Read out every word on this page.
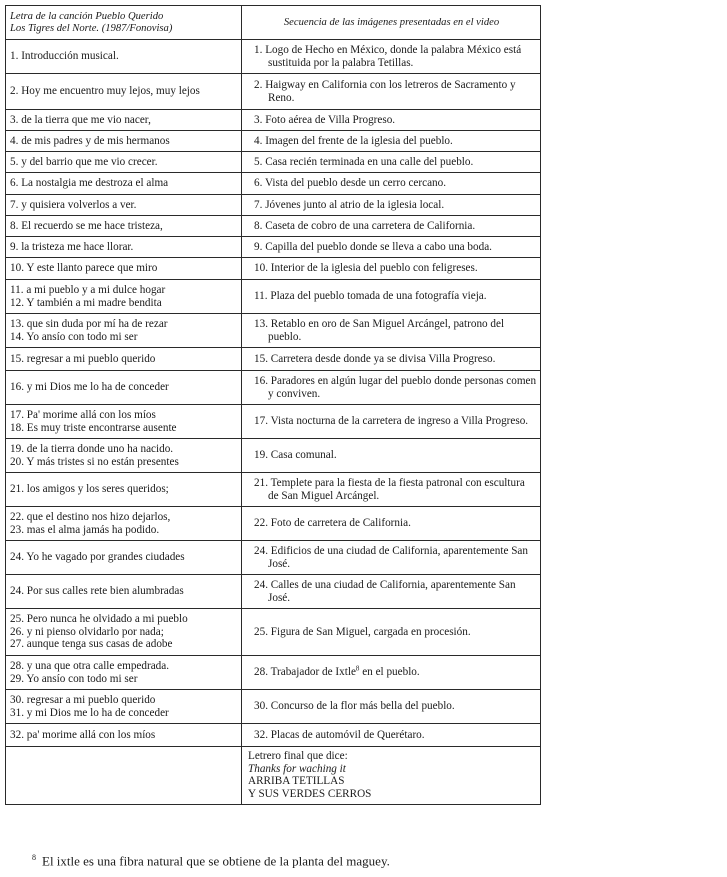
Letra de la canción Pueblo Querido
Los Tigres del Norte. (1987/Fonovisa)	Secuencia de las imágenes presentadas en el video

1. Introducción musical.	1. Logo de Hecho en México, donde la palabra México está sustituida por la palabra Tetillas.

2. Hoy me encuentro muy lejos, muy lejos	2. Haigway en California con los letreros de Sacramento y Reno.

3. de la tierra que me vio nacer,	3. Foto aérea de Villa Progreso.

4. de mis padres y de mis hermanos	4. Imagen del frente de la iglesia del pueblo.

5. y del barrio que me vio crecer.	5. Casa recién terminada en una calle del pueblo.

6. La nostalgia me destroza el alma	6. Vista del pueblo desde un cerro cercano.

7. y quisiera volverlos a ver.	7. Jóvenes junto al atrio de la iglesia local.

8. El recuerdo se me hace tristeza,	8. Caseta de cobro de una carretera de California.

9. la tristeza me hace llorar.	9. Capilla del pueblo donde se lleva a cabo una boda.

10. Y este llanto parece que miro	10. Interior de la iglesia del pueblo con feligreses.

11. a mi pueblo y a mi dulce hogar
12. Y también a mi madre bendita	11. Plaza del pueblo tomada de una fotografía vieja.

13. que sin duda por mí ha de rezar
14. Yo ansío con todo mi ser	13. Retablo en oro de San Miguel Arcángel, patrono del pueblo.

15. regresar a mi pueblo querido	15. Carretera desde donde ya se divisa Villa Progreso.

16. y mi Dios me lo ha de conceder	16. Paradores en algún lugar del pueblo donde personas comen y conviven.

17. Pa' morime allá con los míos
18. Es muy triste encontrarse ausente	17. Vista nocturna de la carretera de ingreso a Villa Progreso.

19. de la tierra donde uno ha nacido.
20. Y más tristes si no están presentes	19. Casa comunal.

21. los amigos y los seres queridos;	21. Templete para la fiesta de la fiesta patronal con escultura de San Miguel Arcángel.

22. que el destino nos hizo dejarlos,
23. mas el alma jamás ha podido.	22. Foto de carretera de California.

24. Yo he vagado por grandes ciudades	24. Edificios de una ciudad de California, aparentemente San José.

24. Por sus calles rete bien alumbradas	24. Calles de una ciudad de California, aparentemente San José.

25. Pero nunca he olvidado a mi pueblo
26. y ni pienso olvidarlo por nada;
27. aunque tenga sus casas de adobe	25. Figura de San Miguel, cargada en procesión.

28. y una que otra calle empedrada.
29. Yo ansío con todo mi ser	28. Trabajador de Ixtle$^8$ en el pueblo.

30. regresar a mi pueblo querido
31. y mi Dios me lo ha de conceder	30. Concurso de la flor más bella del pueblo.

32. pa' morime allá con los míos	32. Placas de automóvil de Querétaro.

	Letrero final que dice:
Thanks for waching it
ARRIBA TETILLAS
Y SUS VERDES CERROS
$^8$ El ixtle es una fibra natural que se obtiene de la planta del maguey.
